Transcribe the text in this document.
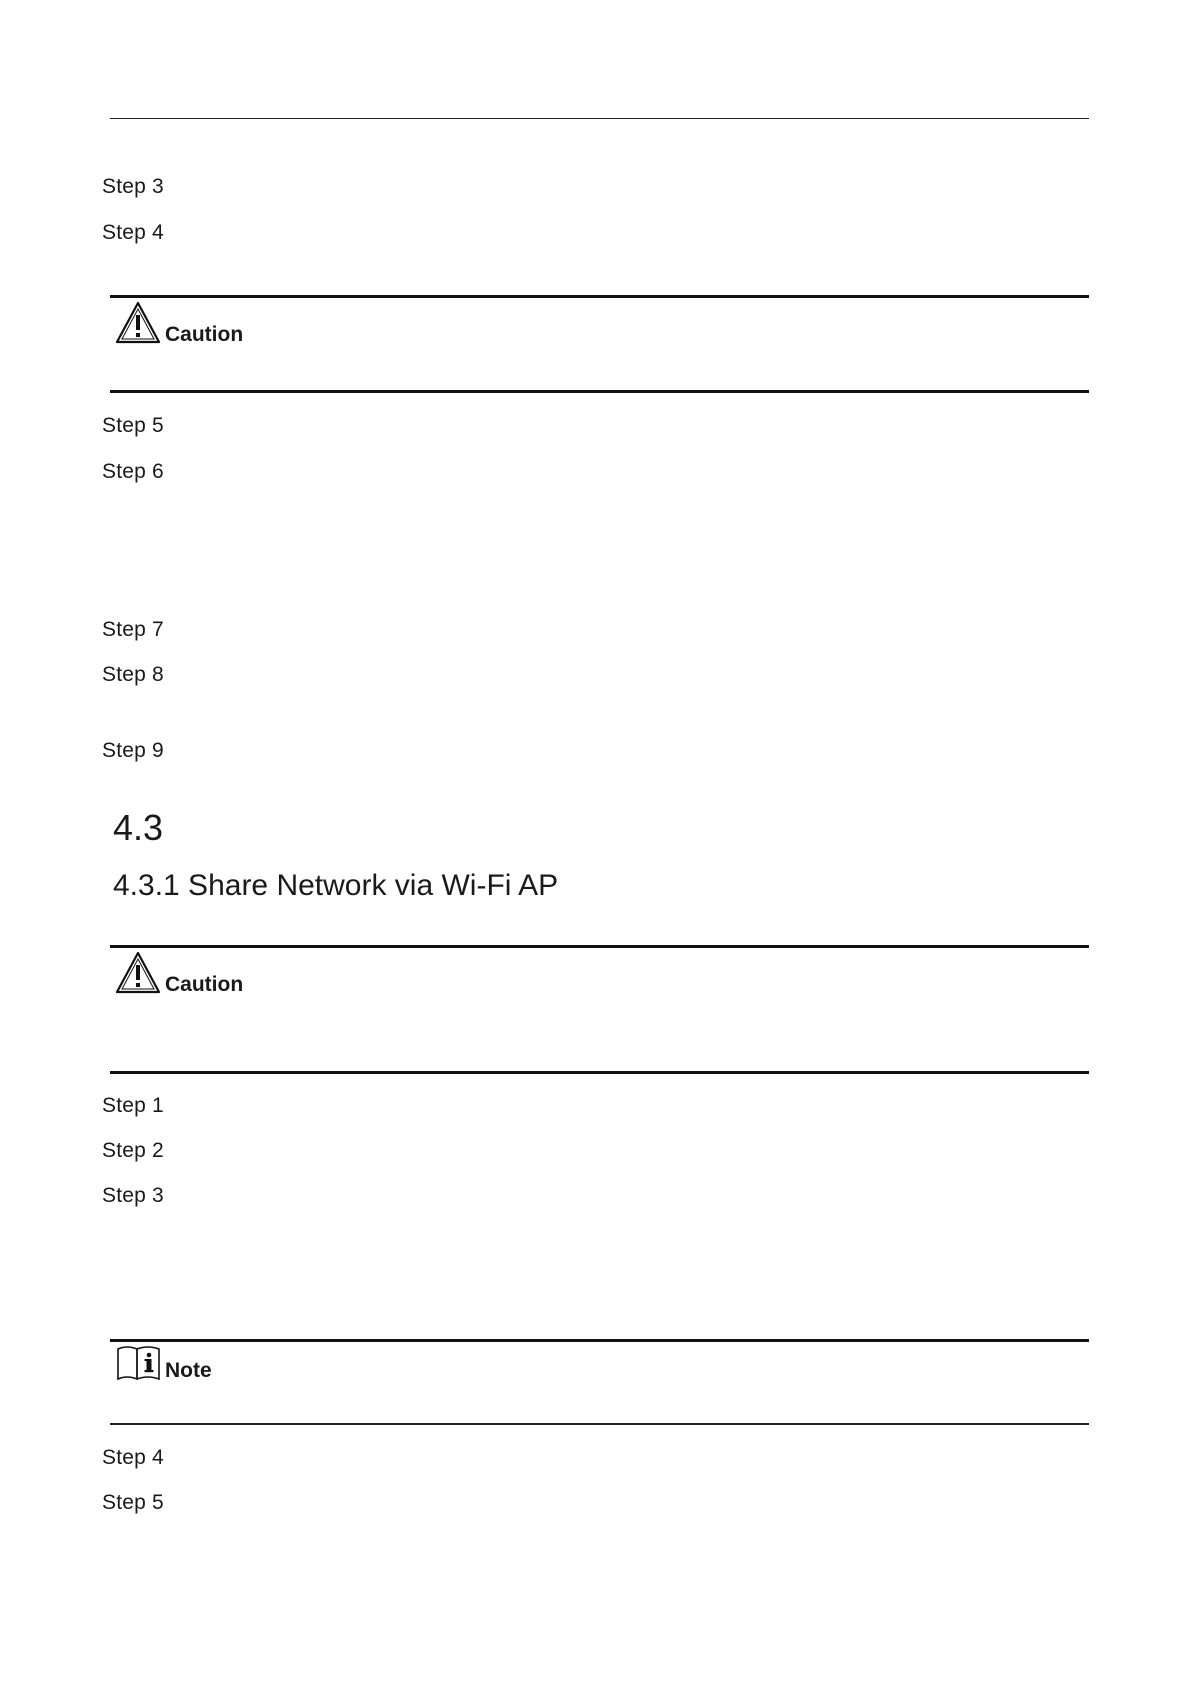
Step 3
Step 4
Caution
Step 5
Step 6
Step 7
Step 8
Step 9
4.3
4.3.1 Share Network via Wi-Fi AP
Caution
Step 1
Step 2
Step 3
Note
Step 4
Step 5
